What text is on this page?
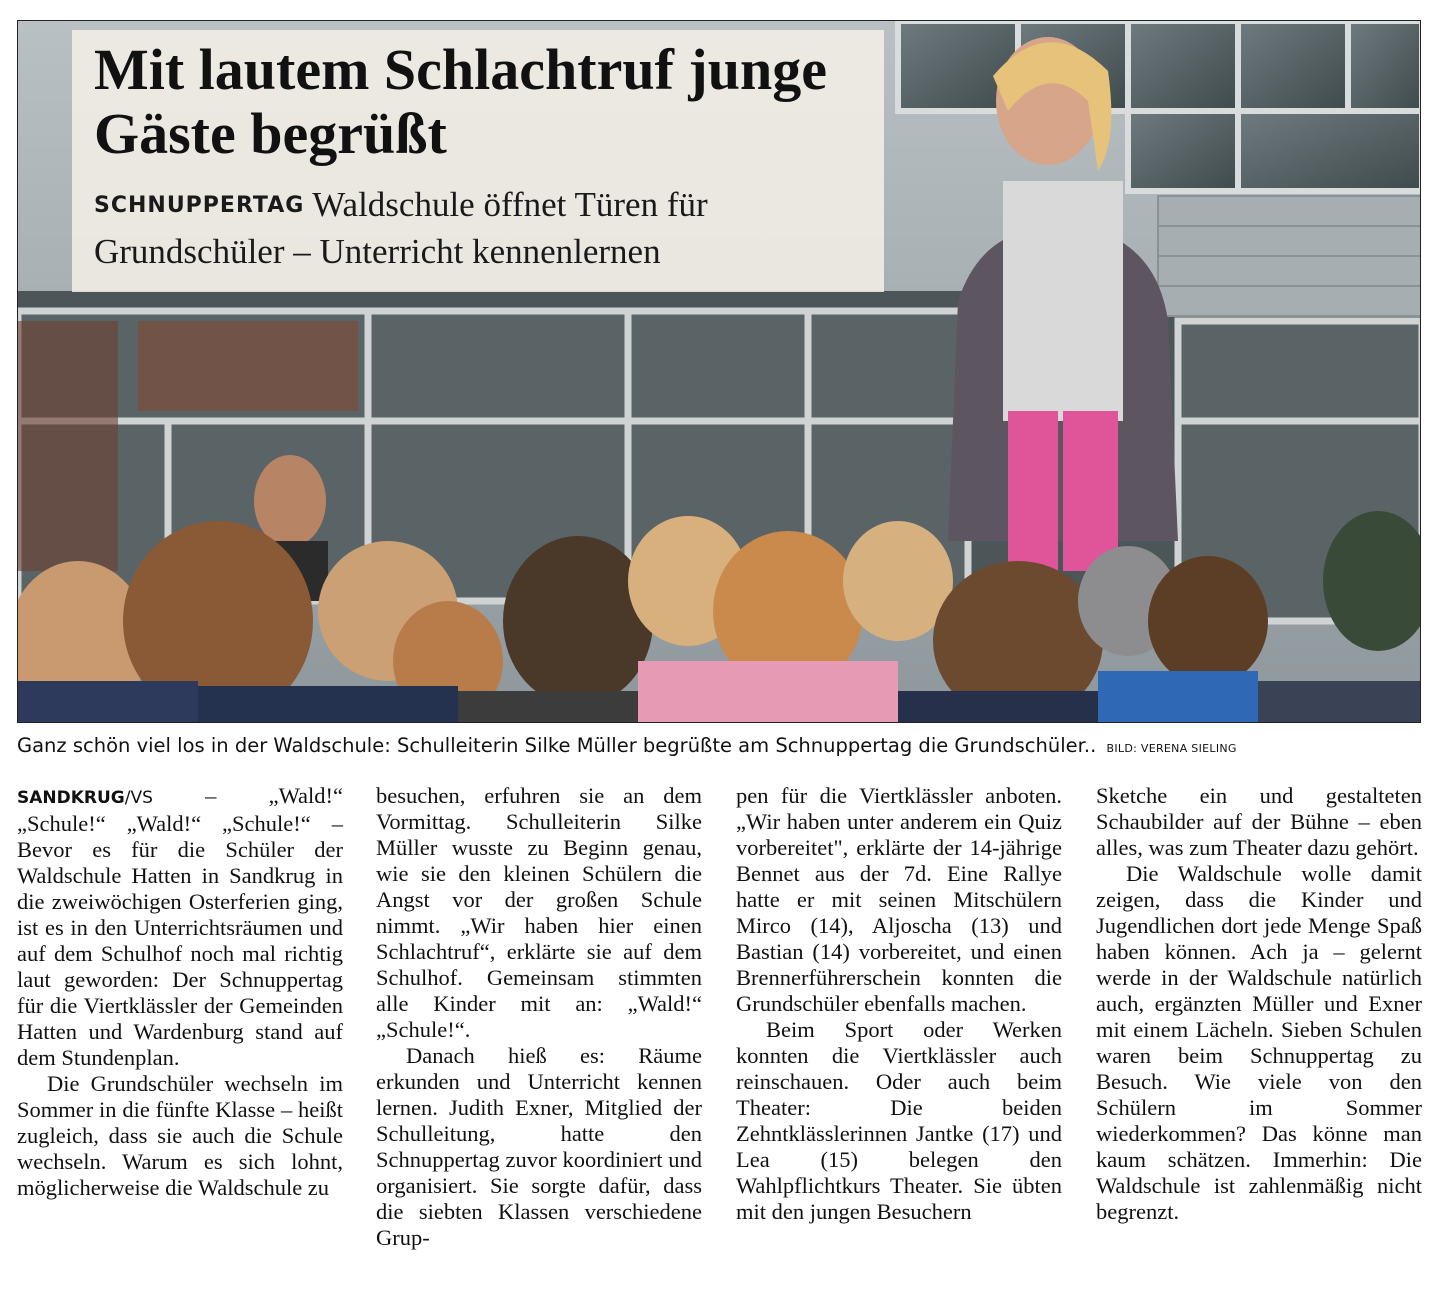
Mit lautem Schlachtruf junge Gäste begrüßt
SCHNUPPERTAG Waldschule öffnet Türen für Grundschüler – Unterricht kennenlernen
Ganz schön viel los in der Waldschule: Schulleiterin Silke Müller begrüßte am Schnuppertag die Grundschüler.. BILD: VERENA SIELING

SANDKRUG/VS – „Wald!“ „Schule!“ „Wald!“ „Schule!“ – Bevor es für die Schüler der Waldschule Hatten in Sandkrug in die zweiwöchigen Osterferien ging, ist es in den Unterrichtsräumen und auf dem Schulhof noch mal richtig laut geworden: Der Schnuppertag für die Viertklässler der Gemeinden Hatten und Wardenburg stand auf dem Stundenplan.

Die Grundschüler wechseln im Sommer in die fünfte Klasse – heißt zugleich, dass sie auch die Schule wechseln. Warum es sich lohnt, möglicherweise die Waldschule zu

besuchen, erfuhren sie an dem Vormittag. Schulleiterin Silke Müller wusste zu Beginn genau, wie sie den kleinen Schülern die Angst vor der großen Schule nimmt. „Wir haben hier einen Schlachtruf“, erklärte sie auf dem Schulhof. Gemeinsam stimmten alle Kinder mit an: „Wald!“ „Schule!“.

Danach hieß es: Räume erkunden und Unterricht kennen lernen. Judith Exner, Mitglied der Schulleitung, hatte den Schnuppertag zuvor koordiniert und organisiert. Sie sorgte dafür, dass die siebten Klassen verschiedene Grup-

pen für die Viertklässler anboten. „Wir haben unter anderem ein Quiz vorbereitet", erklärte der 14-jährige Bennet aus der 7d. Eine Rallye hatte er mit seinen Mitschülern Mirco (14), Aljoscha (13) und Bastian (14) vorbereitet, und einen Brennerführerschein konnten die Grundschüler ebenfalls machen.

Beim Sport oder Werken konnten die Viertklässler auch reinschauen. Oder auch beim Theater: Die beiden Zehntklässlerinnen Jantke (17) und Lea (15) belegen den Wahlpflichtkurs Theater. Sie übten mit den jungen Besuchern

Sketche ein und gestalteten Schaubilder auf der Bühne – eben alles, was zum Theater dazu gehört.

Die Waldschule wolle damit zeigen, dass die Kinder und Jugendlichen dort jede Menge Spaß haben können. Ach ja – gelernt werde in der Waldschule natürlich auch, ergänzten Müller und Exner mit einem Lächeln. Sieben Schulen waren beim Schnuppertag zu Besuch. Wie viele von den Schülern im Sommer wiederkommen? Das könne man kaum schätzen. Immerhin: Die Waldschule ist zahlenmäßig nicht begrenzt.
